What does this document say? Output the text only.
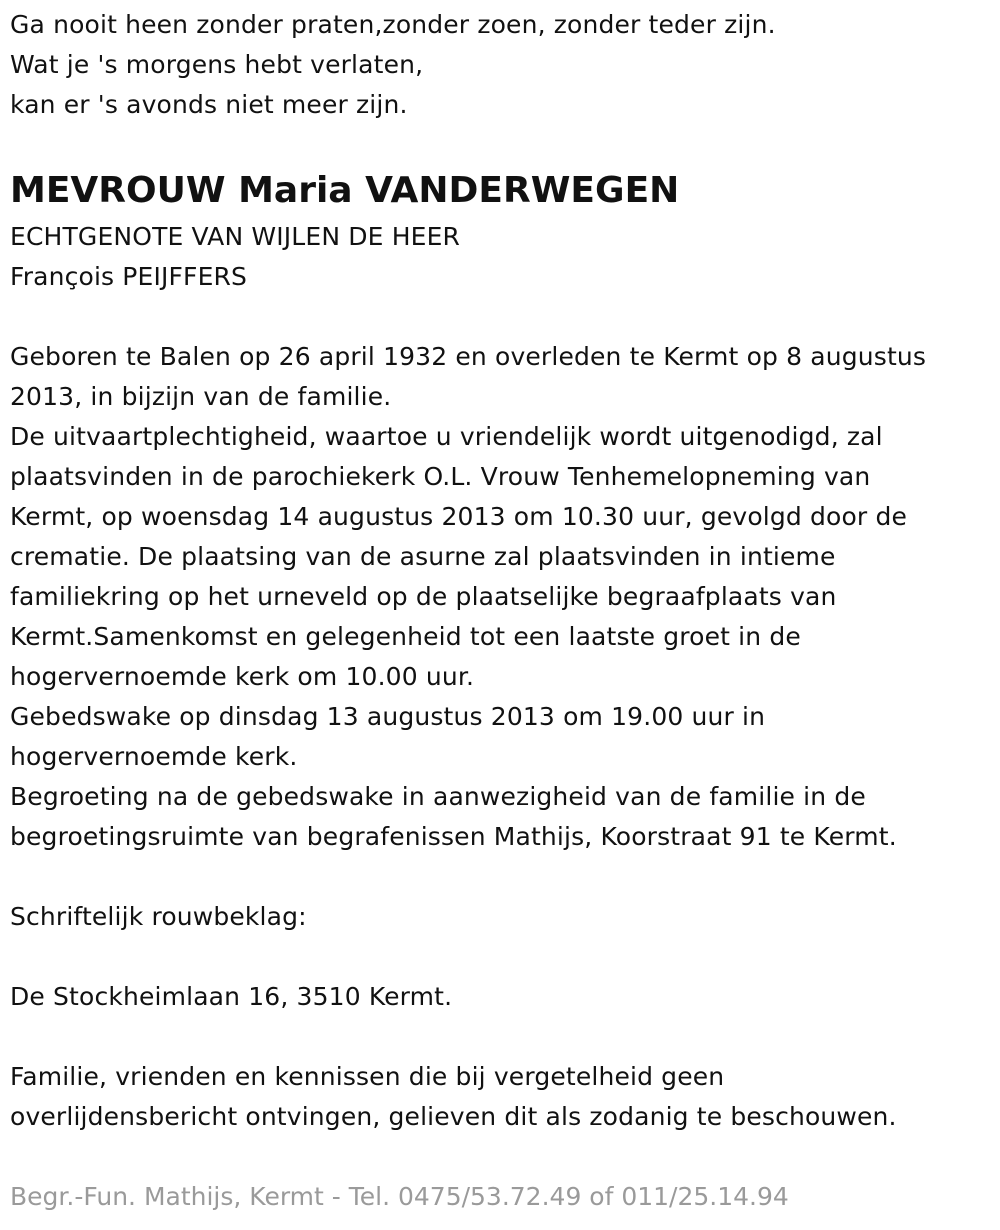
Ga nooit heen zonder praten,zonder zoen, zonder teder zijn.
Wat je 's morgens hebt verlaten,
kan er 's avonds niet meer zijn.
MEVROUW Maria VANDERWEGEN
ECHTGENOTE VAN WIJLEN DE HEER
François PEIJFFERS
Geboren te Balen op 26 april 1932 en overleden te Kermt op 8 augustus
2013, in bijzijn van de familie.
De uitvaartplechtigheid, waartoe u vriendelijk wordt uitgenodigd, zal
plaatsvinden in de parochiekerk O.L. Vrouw Tenhemelopneming van
Kermt, op woensdag 14 augustus 2013 om 10.30 uur, gevolgd door de
crematie. De plaatsing van de asurne zal plaatsvinden in intieme
familiekring op het urneveld op de plaatselijke begraafplaats van
Kermt.Samenkomst en gelegenheid tot een laatste groet in de
hogervernoemde kerk om 10.00 uur.
Gebedswake op dinsdag 13 augustus 2013 om 19.00 uur in
hogervernoemde kerk.
Begroeting na de gebedswake in aanwezigheid van de familie in de
begroetingsruimte van begrafenissen Mathijs, Koorstraat 91 te Kermt.
Schriftelijk rouwbeklag:
De Stockheimlaan 16, 3510 Kermt.
Familie, vrienden en kennissen die bij vergetelheid geen
overlijdensbericht ontvingen, gelieven dit als zodanig te beschouwen.
Begr.-Fun. Mathijs, Kermt - Tel. 0475/53.72.49 of 011/25.14.94
